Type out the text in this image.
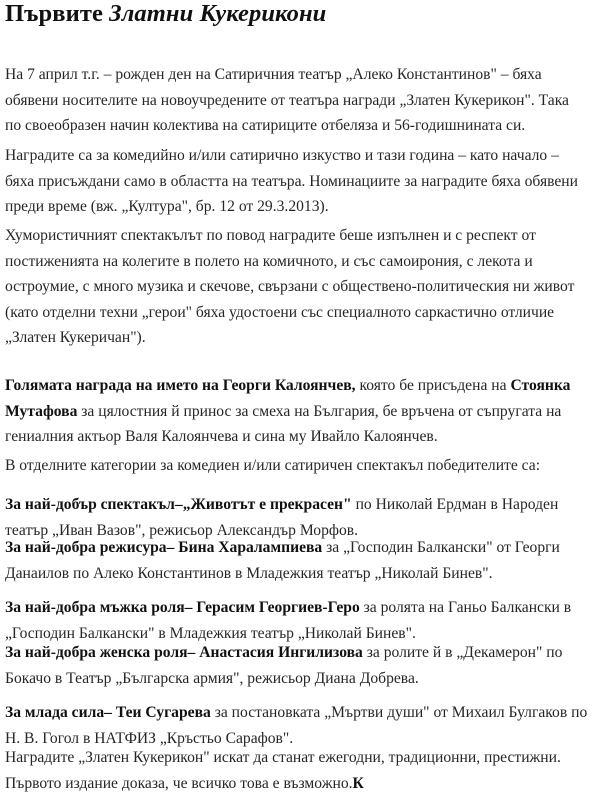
Първите Златни Кукерикони

На 7 април т.г. – рожден ден на Сатиричния театър „Алеко Константинов" – бяха
обявени носителите на новоучредените от театъра награди „Златен Кукерикон". Така
по своеобразен начин колектива на сатириците отбеляза и 56-годишнината си.

Наградите са за комедийно и/или сатирично изкуство и тази година – като начало –
бяха присъждани само в областта на театъра. Номинациите за наградите бяха обявени
преди време (вж. „Култура", бр. 12 от 29.3.2013).

Хумористичният спектакълът по повод наградите беше изпълнен и с респект от
постиженията на колегите в полето на комичното, и със самоирония, с лекота и
остроумие, с много музика и скечове, свързани с обществено-политическия ни живот
(като отделни техни „герои" бяха удостоени със специалното саркастично отличие
„Златен Кукеричан").

Голямата награда на името на Георги Калоянчев, която бе присъдена на Стоянка
Мутафова за цялостния й принос за смеха на България, бе връчена от съпругата на
гениалния актьор Валя Калоянчева и сина му Ивайло Калоянчев.

В отделните категории за комедиен и/или сатиричен спектакъл победителите са:

За най-добър спектакъл–„Животът е прекрасен" по Николай Ердман в Народен
театър „Иван Вазов", режисьор Александър Морфов.

За най-добра режисура– Бина Харалампиева за „Господин Балкански" от Георги
Данаилов по Алеко Константинов в Младежкия театър „Николай Бинев".

За най-добра мъжка роля– Герасим Георгиев-Геро за ролята на Ганьо Балкански в
„Господин Балкански" в Младежкия театър „Николай Бинев".

За най-добра женска роля– Анастасия Ингилизова за ролите й в „Декамерон" по
Бокачо в Театър „Българска армия", режисьор Диана Добрева.

За млада сила– Теи Сугарева за постановката „Мъртви души" от Михаил Булгаков по
Н. В. Гогол в НАТФИЗ „Кръстьо Сарафов".

Наградите „Златен Кукерикон" искат да станат ежегодни, традиционни, престижни.
Първото издание доказа, че всичко това е възможно.К
